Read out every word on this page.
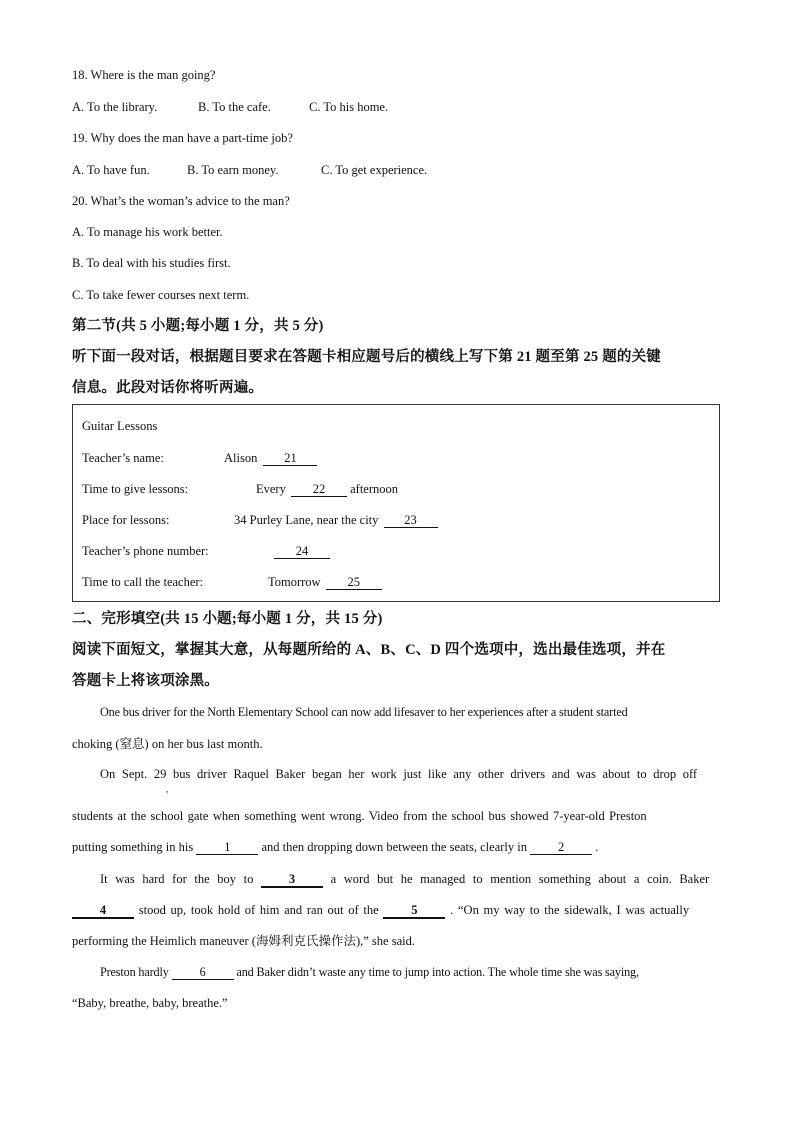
18. Where is the man going?
A. To the library.	B. To the cafe.	C. To his home.
19. Why does the man have a part-time job?
A. To have fun.	B. To earn money.	C. To get experience.
20. What’s the woman’s advice to the man?
A. To manage his work better.
B. To deal with his studies first.
C. To take fewer courses next term.
第二节(共 5 小题;每小题 1 分，共 5 分)
听下面一段对话，根据题目要求在答题卡相应题号后的横线上写下第 21 题至第 25 题的关键
信息。此段对话你将听两遍。
Guitar Lessons
Teacher’s name:	Alison 21
Time to give lessons:	Every 22 afternoon
Place for lessons:	34 Purley Lane, near the city 23
Teacher’s phone number:	24
Time to call the teacher:	Tomorrow 25
二、完形填空(共 15 小题;每小题 1 分，共 15 分)
阅读下面短文，掌握其大意，从每题所给的 A、B、C、D 四个选项中，选出最佳选项，并在
答题卡上将该项涂黑。
One bus driver for the North Elementary School can now add lifesaver to her experiences after a student started
choking (窒息) on her bus last month.
On Sept. 29 bus driver Raquel Baker began her work just like any other drivers and was about to drop off
,
students at the school gate when something went wrong. Video from the school bus showed 7-year-old Preston
putting something in his 1 and then dropping down between the seats, clearly in 2 .
It was hard for the boy to	3	a word but he managed to mention something about a coin. Baker
4	stood up, took hold of him and ran out of the	5	. “On my way to the sidewalk, I was actually
performing the Heimlich maneuver (海姆利克氏操作法),” she said.
Preston hardly	6	and Baker didn’t waste any time to jump into action. The whole time she was saying,
“Baby, breathe, baby, breathe.”
